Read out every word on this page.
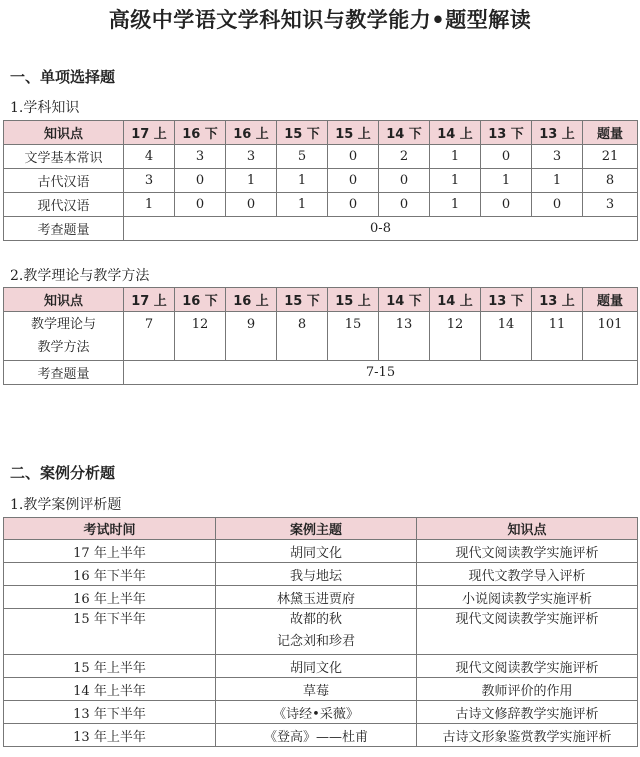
高级中学语文学科知识与教学能力•题型解读
一、单项选择题
1.学科知识
知识点	17 上	16 下	16 上	15 下	15 上	14 下	14 上	13 下	13 上	题量
文学基本常识	4	3	3	5	0	2	1	0	3	21
古代汉语	3	0	1	1	0	0	1	1	1	8
现代汉语	1	0	0	1	0	0	1	0	0	3
考查题量	0-8									
2.教学理论与教学方法
知识点	17 上	16 下	16 上	15 下	15 上	14 下	14 上	13 下	13 上	题量
教学理论与
教学方法	7	12	9	8	15	13	12	14	11	101
考查题量	7-15									
二、案例分析题
1.教学案例评析题
考试时间	案例主题	知识点
17 年上半年	胡同文化	现代文阅读教学实施评析
16 年下半年	我与地坛	现代文教学导入评析
16 年上半年	林黛玉进贾府	小说阅读教学实施评析
15 年下半年	故都的秋
记念刘和珍君	现代文阅读教学实施评析
15 年上半年	胡同文化	现代文阅读教学实施评析
14 年上半年	草莓	教师评价的作用
13 年下半年	《诗经•采薇》	古诗文修辞教学实施评析
13 年上半年	《登高》——杜甫	古诗文形象鉴赏教学实施评析
